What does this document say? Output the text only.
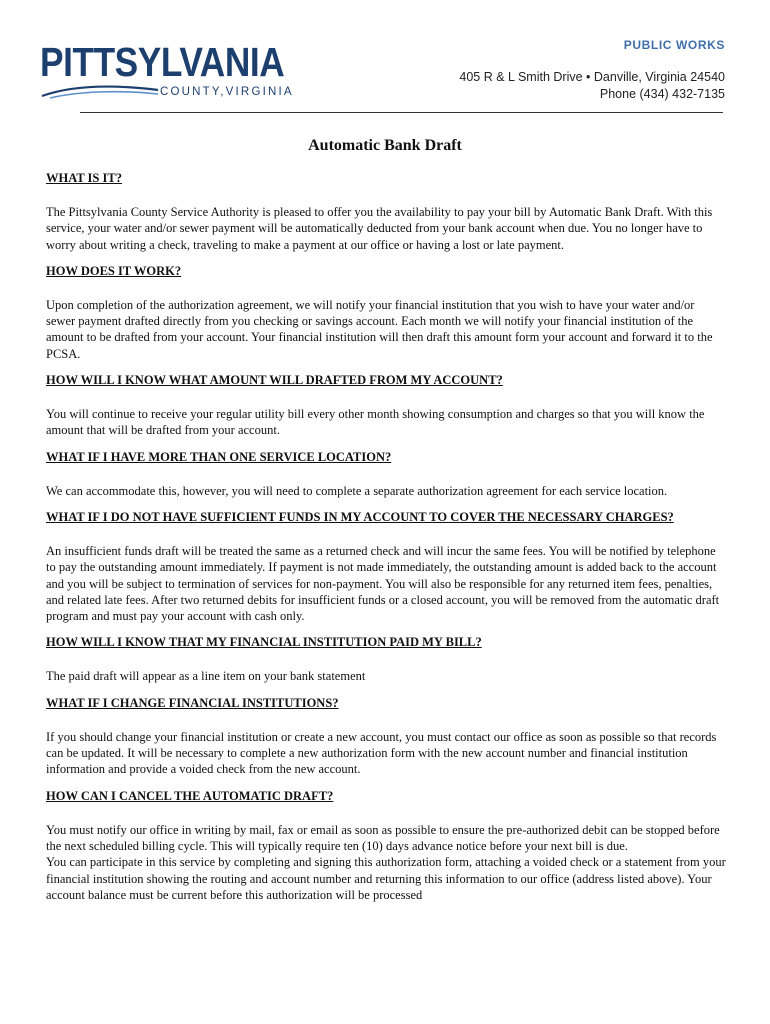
PITTSYLVANIA
COUNTY,VIRGINIA
PUBLIC WORKS
405 R & L Smith Drive • Danville, Virginia 24540
Phone (434) 432-7135
Automatic Bank Draft

WHAT IS IT?

The Pittsylvania County Service Authority is pleased to offer you the availability to pay your bill by Automatic Bank Draft. With this service, your water and/or sewer payment will be automatically deducted from your bank account when due. You no longer have to worry about writing a check, traveling to make a payment at our office or having a lost or late payment.

HOW DOES IT WORK?

Upon completion of the authorization agreement, we will notify your financial institution that you wish to have your water and/or sewer payment drafted directly from you checking or savings account. Each month we will notify your financial institution of the amount to be drafted from your account. Your financial institution will then draft this amount form your account and forward it to the PCSA.

HOW WILL I KNOW WHAT AMOUNT WILL DRAFTED FROM MY ACCOUNT?

You will continue to receive your regular utility bill every other month showing consumption and charges so that you will know the amount that will be drafted from your account.

WHAT IF I HAVE MORE THAN ONE SERVICE LOCATION?

We can accommodate this, however, you will need to complete a separate authorization agreement for each service location.

WHAT IF I DO NOT HAVE SUFFICIENT FUNDS IN MY ACCOUNT TO COVER THE NECESSARY CHARGES?

An insufficient funds draft will be treated the same as a returned check and will incur the same fees. You will be notified by telephone to pay the outstanding amount immediately. If payment is not made immediately, the outstanding amount is added back to the account and you will be subject to termination of services for non-payment. You will also be responsible for any returned item fees, penalties, and related late fees. After two returned debits for insufficient funds or a closed account, you will be removed from the automatic draft program and must pay your account with cash only.

HOW WILL I KNOW THAT MY FINANCIAL INSTITUTION PAID MY BILL?

The paid draft will appear as a line item on your bank statement

WHAT IF I CHANGE FINANCIAL INSTITUTIONS?

If you should change your financial institution or create a new account, you must contact our office as soon as possible so that records can be updated. It will be necessary to complete a new authorization form with the new account number and financial institution information and provide a voided check from the new account.

HOW CAN I CANCEL THE AUTOMATIC DRAFT?

You must notify our office in writing by mail, fax or email as soon as possible to ensure the pre-authorized debit can be stopped before the next scheduled billing cycle. This will typically require ten (10) days advance notice before your next bill is due.

You can participate in this service by completing and signing this authorization form, attaching a voided check or a statement from your financial institution showing the routing and account number and returning this information to our office (address listed above). Your account balance must be current before this authorization will be processed
